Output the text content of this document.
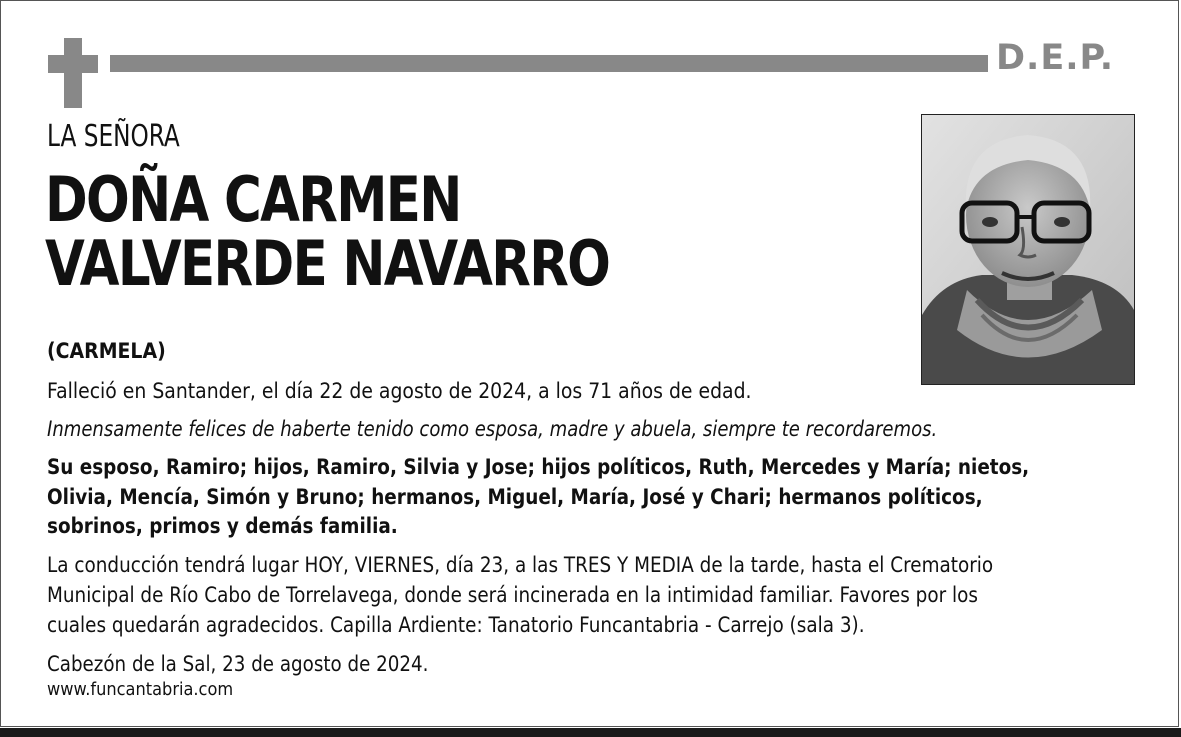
D.E.P.
LA SEÑORA
DOÑA CARMEN
VALVERDE NAVARRO
(CARMELA)
Falleció en Santander, el día 22 de agosto de 2024, a los 71 años de edad.
Inmensamente felices de haberte tenido como esposa, madre y abuela, siempre te recordaremos.
Su esposo, Ramiro; hijos, Ramiro, Silvia y Jose; hijos políticos, Ruth, Mercedes y María; nietos,
Olivia, Mencía, Simón y Bruno; hermanos, Miguel, María, José y Chari; hermanos políticos,
sobrinos, primos y demás familia.
La conducción tendrá lugar HOY, VIERNES, día 23, a las TRES Y MEDIA de la tarde, hasta el Crematorio
Municipal de Río Cabo de Torrelavega, donde será incinerada en la intimidad familiar. Favores por los
cuales quedarán agradecidos. Capilla Ardiente: Tanatorio Funcantabria - Carrejo (sala 3).
Cabezón de la Sal, 23 de agosto de 2024.
www.funcantabria.com
